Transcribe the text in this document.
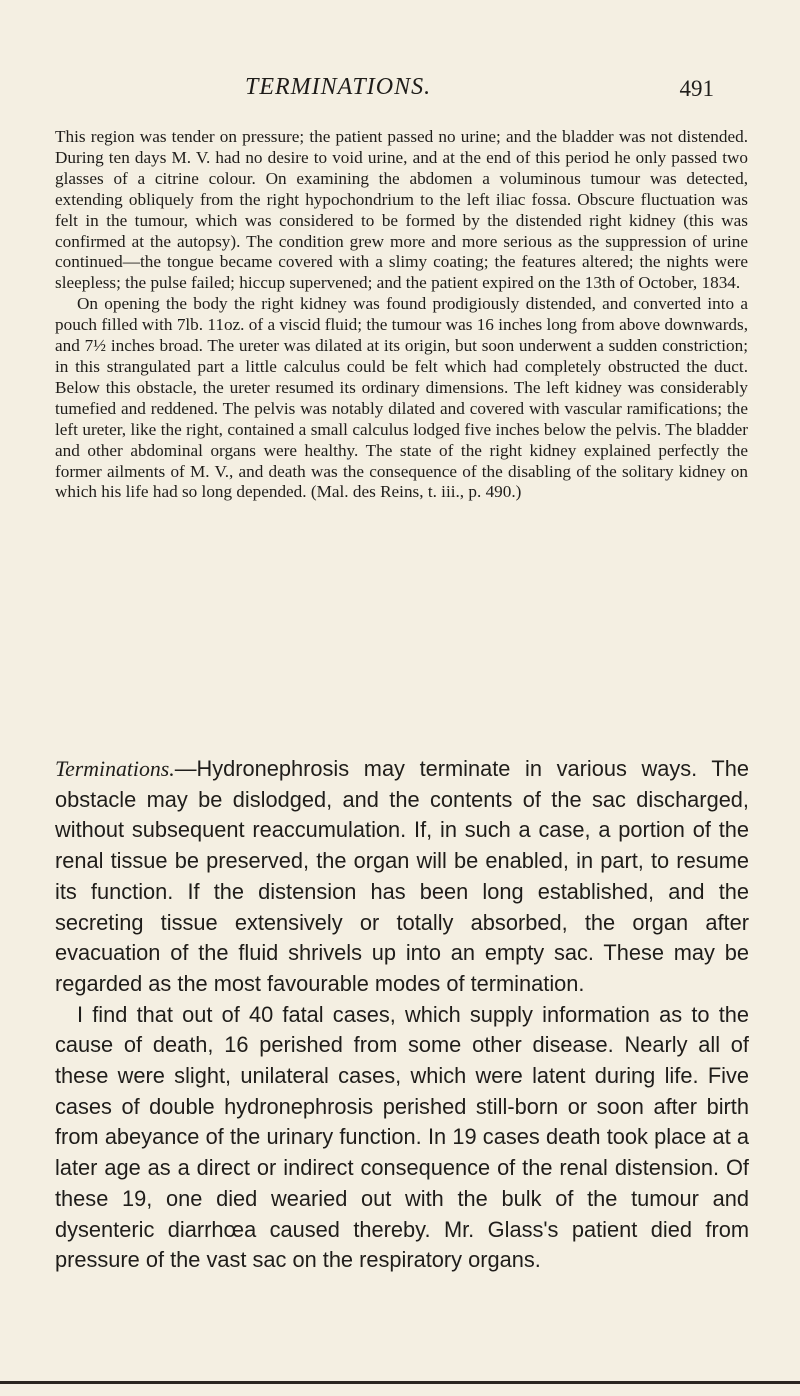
TERMINATIONS.	491

This region was tender on pressure; the patient passed no urine; and the bladder was not distended. During ten days M. V. had no desire to void urine, and at the end of this period he only passed two glasses of a citrine colour. On examining the abdomen a voluminous tumour was detected, extending obliquely from the right hypochondrium to the left iliac fossa. Obscure fluctuation was felt in the tumour, which was considered to be formed by the distended right kidney (this was confirmed at the autopsy). The condition grew more and more serious as the suppression of urine continued—the tongue became covered with a slimy coating; the features altered; the nights were sleepless; the pulse failed; hiccup supervened; and the patient expired on the 13th of October, 1834.

On opening the body the right kidney was found prodigiously distended, and converted into a pouch filled with 7lb. 11oz. of a viscid fluid; the tumour was 16 inches long from above downwards, and 7½ inches broad. The ureter was dilated at its origin, but soon underwent a sudden constriction; in this strangulated part a little calculus could be felt which had completely obstructed the duct. Below this obstacle, the ureter resumed its ordinary dimensions. The left kidney was considerably tumefied and reddened. The pelvis was notably dilated and covered with vascular ramifications; the left ureter, like the right, contained a small calculus lodged five inches below the pelvis. The bladder and other abdominal organs were healthy. The state of the right kidney explained perfectly the former ailments of M. V., and death was the consequence of the disabling of the solitary kidney on which his life had so long depended. (Mal. des Reins, t. iii., p. 490.)

Terminations.—Hydronephrosis may terminate in various ways. The obstacle may be dislodged, and the contents of the sac discharged, without subsequent reaccumulation. If, in such a case, a portion of the renal tissue be preserved, the organ will be enabled, in part, to resume its function. If the distension has been long established, and the secreting tissue extensively or totally absorbed, the organ after evacuation of the fluid shrivels up into an empty sac. These may be regarded as the most favourable modes of termination.

I find that out of 40 fatal cases, which supply information as to the cause of death, 16 perished from some other disease. Nearly all of these were slight, unilateral cases, which were latent during life. Five cases of double hydronephrosis perished still-born or soon after birth from abeyance of the urinary function. In 19 cases death took place at a later age as a direct or indirect consequence of the renal distension. Of these 19, one died wearied out with the bulk of the tumour and dysenteric diarrhœa caused thereby. Mr. Glass's patient died from pressure of the vast sac on the respiratory organs.
